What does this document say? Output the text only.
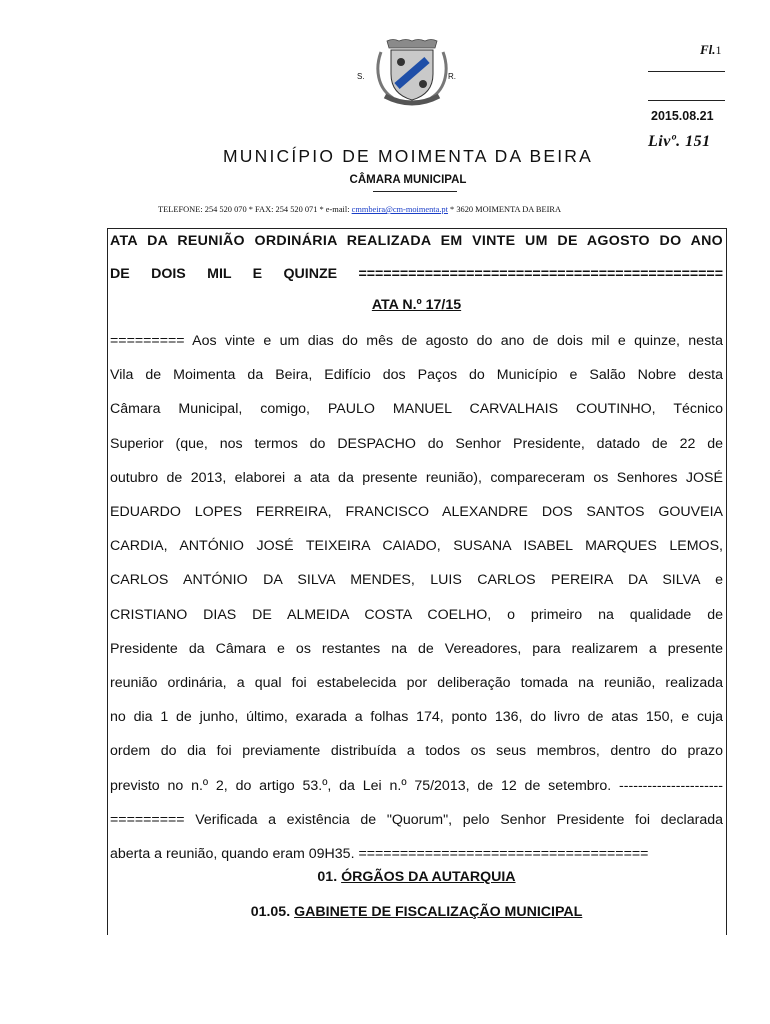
S.	R.
Fl.1
2015.08.21
Livº. 151
MUNICÍPIO DE MOIMENTA DA BEIRA
CÂMARA MUNICIPAL
TELEFONE: 254 520 070 * FAX: 254 520 071 * e-mail: cmmbeira@cm-moimenta.pt * 3620 MOIMENTA DA BEIRA
ATA DA REUNIÃO ORDINÁRIA REALIZADA EM VINTE UM DE AGOSTO DO ANO
DE DOIS MIL E QUINZE ============================================
ATA N.º 17/15
========= Aos vinte e um dias do mês de agosto do ano de dois mil e quinze, nesta
Vila de Moimenta da Beira, Edifício dos Paços do Município e Salão Nobre desta
Câmara Municipal, comigo, PAULO MANUEL CARVALHAIS COUTINHO, Técnico
Superior (que, nos termos do DESPACHO do Senhor Presidente, datado de 22 de
outubro de 2013, elaborei a ata da presente reunião), compareceram os Senhores JOSÉ
EDUARDO LOPES FERREIRA, FRANCISCO ALEXANDRE DOS SANTOS GOUVEIA
CARDIA, ANTÓNIO JOSÉ TEIXEIRA CAIADO, SUSANA ISABEL MARQUES LEMOS,
CARLOS ANTÓNIO DA SILVA MENDES, LUIS CARLOS PEREIRA DA SILVA e
CRISTIANO DIAS DE ALMEIDA COSTA COELHO, o primeiro na qualidade de
Presidente da Câmara e os restantes na de Vereadores, para realizarem a presente
reunião ordinária, a qual foi estabelecida por deliberação tomada na reunião, realizada
no dia 1 de junho, último, exarada a folhas 174, ponto 136, do livro de atas 150, e cuja
ordem do dia foi previamente distribuída a todos os seus membros, dentro do prazo
previsto no n.º 2, do artigo 53.º, da Lei n.º 75/2013, de 12 de setembro. ----------------------
========= Verificada a existência de "Quorum", pelo Senhor Presidente foi declarada
aberta a reunião, quando eram 09H35. ===================================
01. ÓRGÃOS DA AUTARQUIA
01.05. GABINETE DE FISCALIZAÇÃO MUNICIPAL
